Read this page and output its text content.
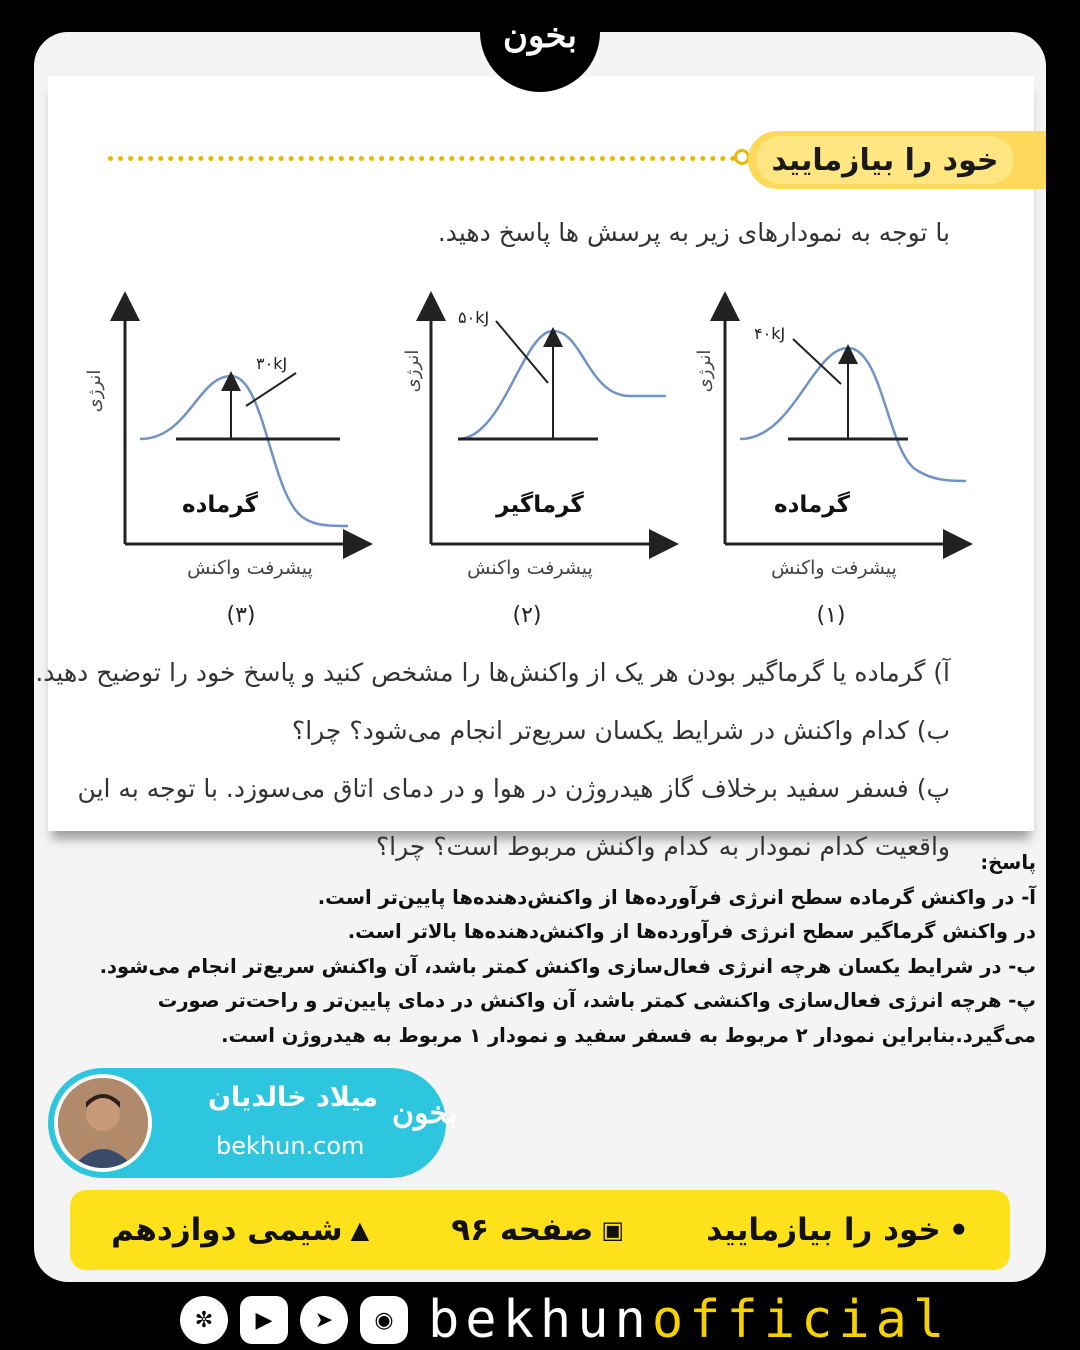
خود را بیازمایید
با توجه به نمودارهای زیر به پرسش ها پاسخ دهید.
۳۰kJ
انرژی
گرماده
پیشرفت واکنش
(۳)
۵۰kJ
انرژی
گرماگیر
پیشرفت واکنش
(۲)
۴۰kJ
انرژی
گرماده
پیشرفت واکنش
(۱)
آ) گرماده یا گرماگیر بودن هر یک از واکنش‌ها را مشخص کنید و پاسخ خود را توضیح دهید.
ب) کدام واکنش در شرایط یکسان سریع‌تر انجام می‌شود؟ چرا؟
پ) فسفر سفید برخلاف گاز هیدروژن در هوا و در دمای اتاق می‌سوزد. با توجه به این
واقعیت کدام نمودار به کدام واکنش مربوط است؟ چرا؟
بخون
پاسخ:
آ- در واکنش گرماده سطح انرژی فرآورده‌ها از واکنش‌دهنده‌ها پایین‌تر است.
در واکنش گرماگیر سطح انرژی فرآورده‌ها از واکنش‌دهنده‌ها بالاتر است.
ب- در شرایط یکسان هرچه انرژی فعال‌سازی واکنش کمتر باشد، آن واکنش سریع‌تر انجام می‌شود.
پ- هرچه انرژی فعال‌سازی واکنشی کمتر باشد، آن واکنش در دمای پایین‌تر و راحت‌تر صورت
می‌گیرد.بنابراین نمودار ۲ مربوط به فسفر سفید و نمودار ۱ مربوط به هیدروژن است.
میلاد خالدیان
bekhun.com
بخون
⚫
خود را بیازمایید
▣
صفحه ۹۶
▲
شیمی دوازدهم
✼	▶	➤	◉ bekhunofficial
